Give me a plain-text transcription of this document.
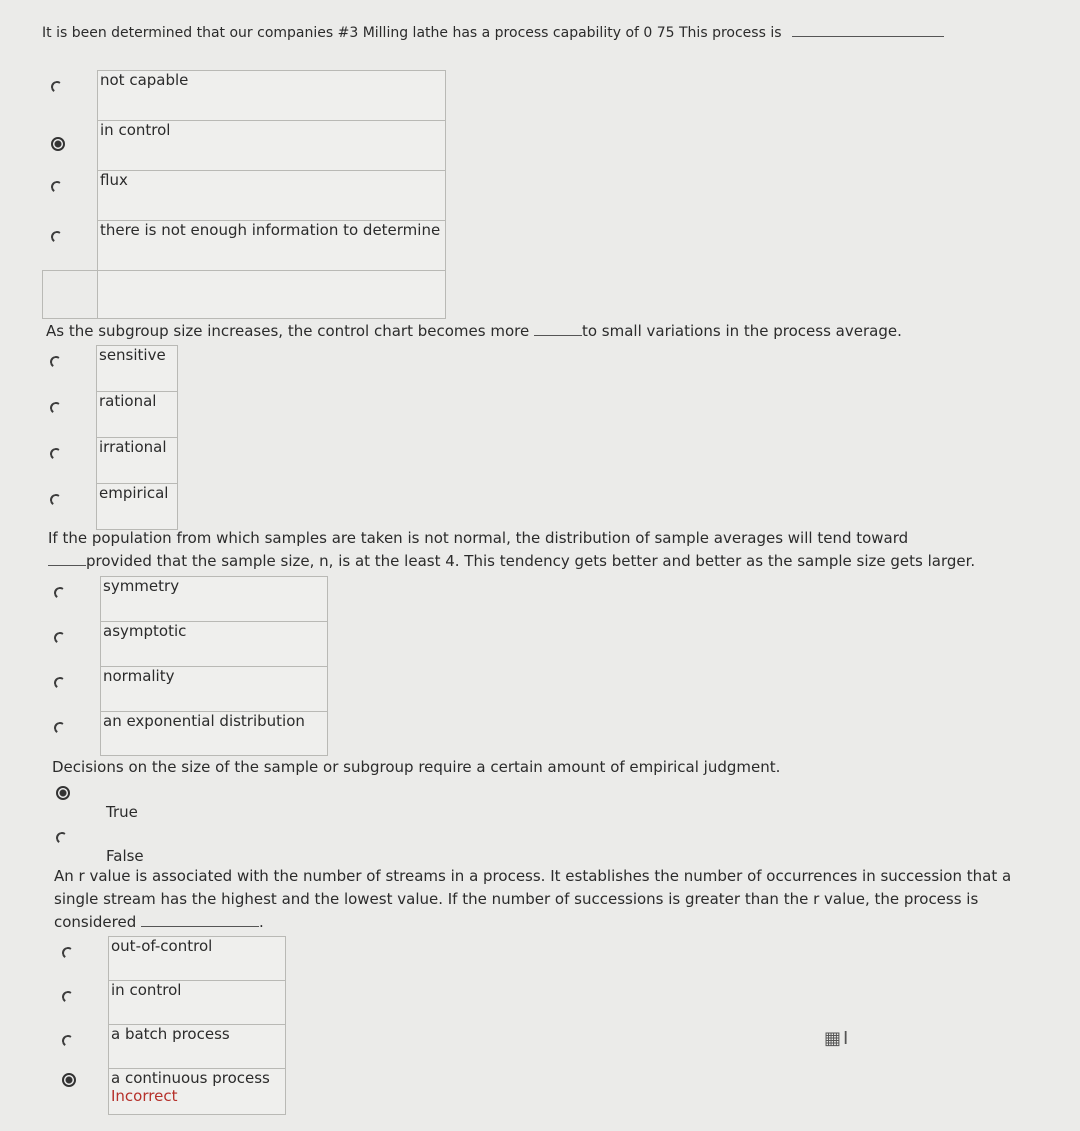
It is been determined that our companies #3 Milling lathe has a process capability of 0 75 This process is
	not capable
	in control
	flux
	there is not enough information to determine

As the subgroup size increases, the control chart becomes more	to small variations in the process average.
	sensitive
	rational
	irrational
	empirical
If the population from which samples are taken is not normal, the distribution of sample averages will tend toward
provided that the sample size, n, is at the least 4. This tendency gets better and better as the sample size gets larger.
	symmetry
	asymptotic
	normality
	an exponential distribution
Decisions on the size of the sample or subgroup require a certain amount of empirical judgment.
True
False
An r value is associated with the number of streams in a process. It establishes the number of occurrences in succession that a single stream has the highest and the lowest value. If the number of successions is greater than the r value, the process is considered	.
	out-of-control
	in control
	a batch process
	a continuous process
Incorrect
▦I
